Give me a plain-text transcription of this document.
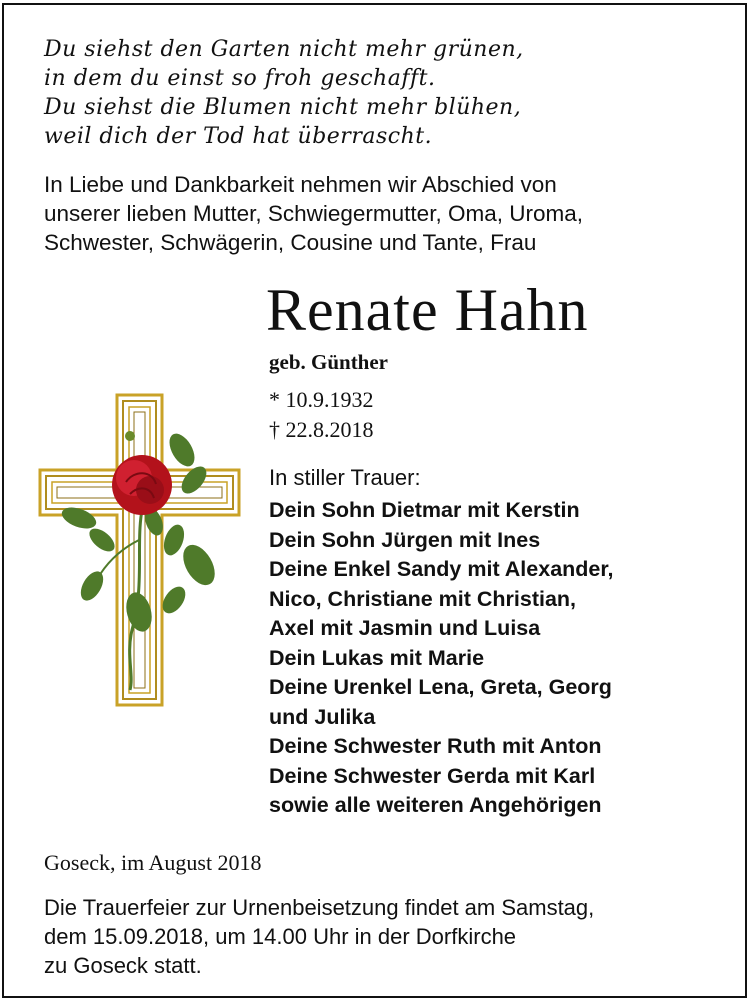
Du siehst den Garten nicht mehr grünen,
in dem du einst so froh geschafft.
Du siehst die Blumen nicht mehr blühen,
weil dich der Tod hat überrascht.
In Liebe und Dankbarkeit nehmen wir Abschied von
unserer lieben Mutter, Schwiegermutter, Oma, Uroma,
Schwester, Schwägerin, Cousine und Tante, Frau
Renate Hahn
geb. Günther
* 10.9.1932
† 22.8.2018
In stiller Trauer:
Dein Sohn Dietmar mit Kerstin
Dein Sohn Jürgen mit Ines
Deine Enkel Sandy mit Alexander,
Nico, Christiane mit Christian,
Axel mit Jasmin und Luisa
Dein Lukas mit Marie
Deine Urenkel Lena, Greta, Georg
und Julika
Deine Schwester Ruth mit Anton
Deine Schwester Gerda mit Karl
sowie alle weiteren Angehörigen
Goseck, im August 2018
Die Trauerfeier zur Urnenbeisetzung findet am Samstag,
dem 15.09.2018, um 14.00 Uhr in der Dorfkirche
zu Goseck statt.
